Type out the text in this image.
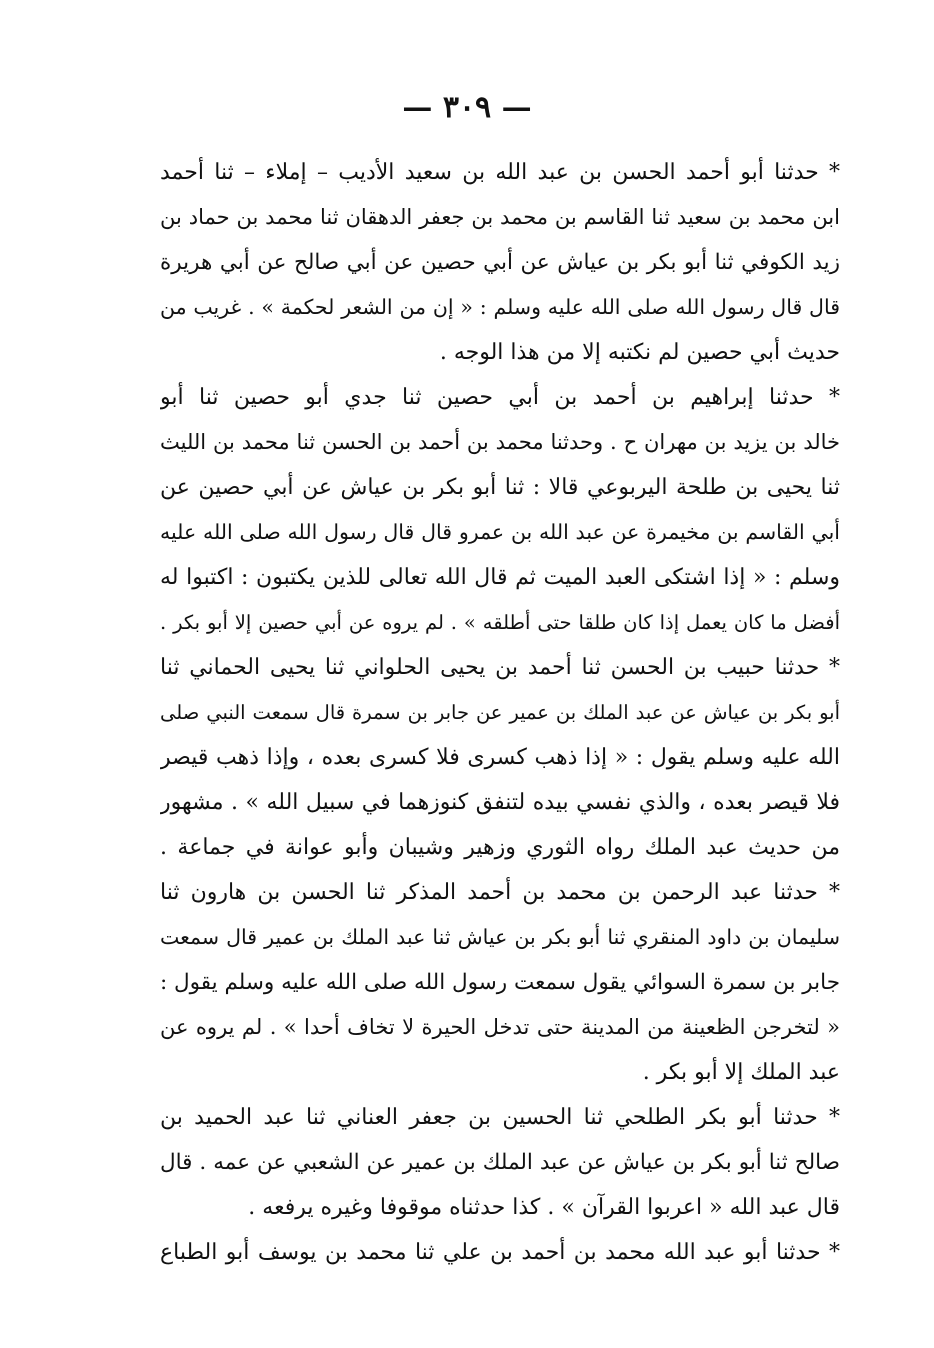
— ٣٠٩ —
* حدثنا أبو أحمد الحسن بن عبد الله بن سعيد الأديب – إملاء – ثنا أحمد
ابن محمد بن سعيد ثنا القاسم بن محمد بن جعفر الدهقان ثنا محمد بن حماد بن
زيد الكوفي ثنا أبو بكر بن عياش عن أبي حصين عن أبي صالح عن أبي هريرة
قال قال رسول الله صلى الله عليه وسلم : « إن من الشعر لحكمة » . غريب من
حديث أبي حصين لم نكتبه إلا من هذا الوجه .
* حدثنا إبراهيم بن أحمد بن أبي حصين ثنا جدي أبو حصين ثنا أبو
خالد بن يزيد بن مهران ح . وحدثنا محمد بن أحمد بن الحسن ثنا محمد بن الليث
ثنا يحيى بن طلحة اليربوعي قالا : ثنا أبو بكر بن عياش عن أبي حصين عن
أبي القاسم بن مخيمرة عن عبد الله بن عمرو قال قال رسول الله صلى الله عليه
وسلم : « إذا اشتكى العبد الميت ثم قال الله تعالى للذين يكتبون : اكتبوا له
أفضل ما كان يعمل إذا كان طلقا حتى أطلقه » . لم يروه عن أبي حصين إلا أبو بكر .
* حدثنا حبيب بن الحسن ثنا أحمد بن يحيى الحلواني ثنا يحيى الحماني ثنا
أبو بكر بن عياش عن عبد الملك بن عمير عن جابر بن سمرة قال سمعت النبي صلى
الله عليه وسلم يقول : « إذا ذهب كسرى فلا كسرى بعده ، وإذا ذهب قيصر
فلا قيصر بعده ، والذي نفسي بيده لتنفق كنوزهما في سبيل الله » . مشهور
من حديث عبد الملك رواه الثوري وزهير وشيبان وأبو عوانة في جماعة .
* حدثنا عبد الرحمن بن محمد بن أحمد المذكر ثنا الحسن بن هارون ثنا
سليمان بن داود المنقري ثنا أبو بكر بن عياش ثنا عبد الملك بن عمير قال سمعت
جابر بن سمرة السوائي يقول سمعت رسول الله صلى الله عليه وسلم يقول :
« لتخرجن الظعينة من المدينة حتى تدخل الحيرة لا تخاف أحدا » . لم يروه عن
عبد الملك إلا أبو بكر .
* حدثنا أبو بكر الطلحي ثنا الحسين بن جعفر العناني ثنا عبد الحميد بن
صالح ثنا أبو بكر بن عياش عن عبد الملك بن عمير عن الشعبي عن عمه . قال
قال عبد الله « اعربوا القرآن » . كذا حدثناه موقوفا وغيره يرفعه .
* حدثنا أبو عبد الله محمد بن أحمد بن علي ثنا محمد بن يوسف أبو الطباع
